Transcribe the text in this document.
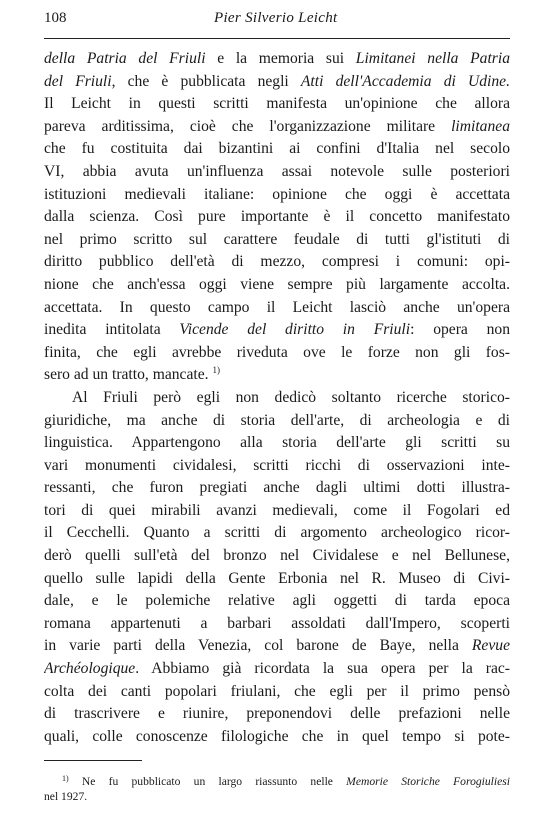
108	Pier Silverio Leicht
della Patria del Friuli e la memoria sui Limitanei nella Patria
del Friuli, che è pubblicata negli Atti dell'Accademia di Udine.
Il Leicht in questi scritti manifesta un'opinione che allora
pareva arditissima, cioè che l'organizzazione militare limitanea
che fu costituita dai bizantini ai confini d'Italia nel secolo
VI, abbia avuta un'influenza assai notevole sulle posteriori
istituzioni medievali italiane: opinione che oggi è accettata
dalla scienza. Così pure importante è il concetto manifestato
nel primo scritto sul carattere feudale di tutti gl'istituti di
diritto pubblico dell'età di mezzo, compresi i comuni: opi-
nione che anch'essa oggi viene sempre più largamente accolta.
accettata. In questo campo il Leicht lasciò anche un'opera
inedita intitolata Vicende del diritto in Friuli: opera non
finita, che egli avrebbe riveduta ove le forze non gli fos-
sero ad un tratto, mancate. $^{1)}$
Al Friuli però egli non dedicò soltanto ricerche storico-
giuridiche, ma anche di storia dell'arte, di archeologia e di
linguistica. Appartengono alla storia dell'arte gli scritti su
vari monumenti cividalesi, scritti ricchi di osservazioni inte-
ressanti, che furon pregiati anche dagli ultimi dotti illustra-
tori di quei mirabili avanzi medievali, come il Fogolari ed
il Cecchelli. Quanto a scritti di argomento archeologico ricor-
derò quelli sull'età del bronzo nel Cividalese e nel Bellunese,
quello sulle lapidi della Gente Erbonia nel R. Museo di Civi-
dale, e le polemiche relative agli oggetti di tarda epoca
romana appartenuti a barbari assoldati dall'Impero, scoperti
in varie parti della Venezia, col barone de Baye, nella Revue
Archéologique. Abbiamo già ricordata la sua opera per la rac-
colta dei canti popolari friulani, che egli per il primo pensò
di trascrivere e riunire, preponendovi delle prefazioni nelle
quali, colle conoscenze filologiche che in quel tempo si pote-
$^{1)}$ Ne fu pubblicato un largo riassunto nelle Memorie Storiche Forogiuliesi
nel 1927.
